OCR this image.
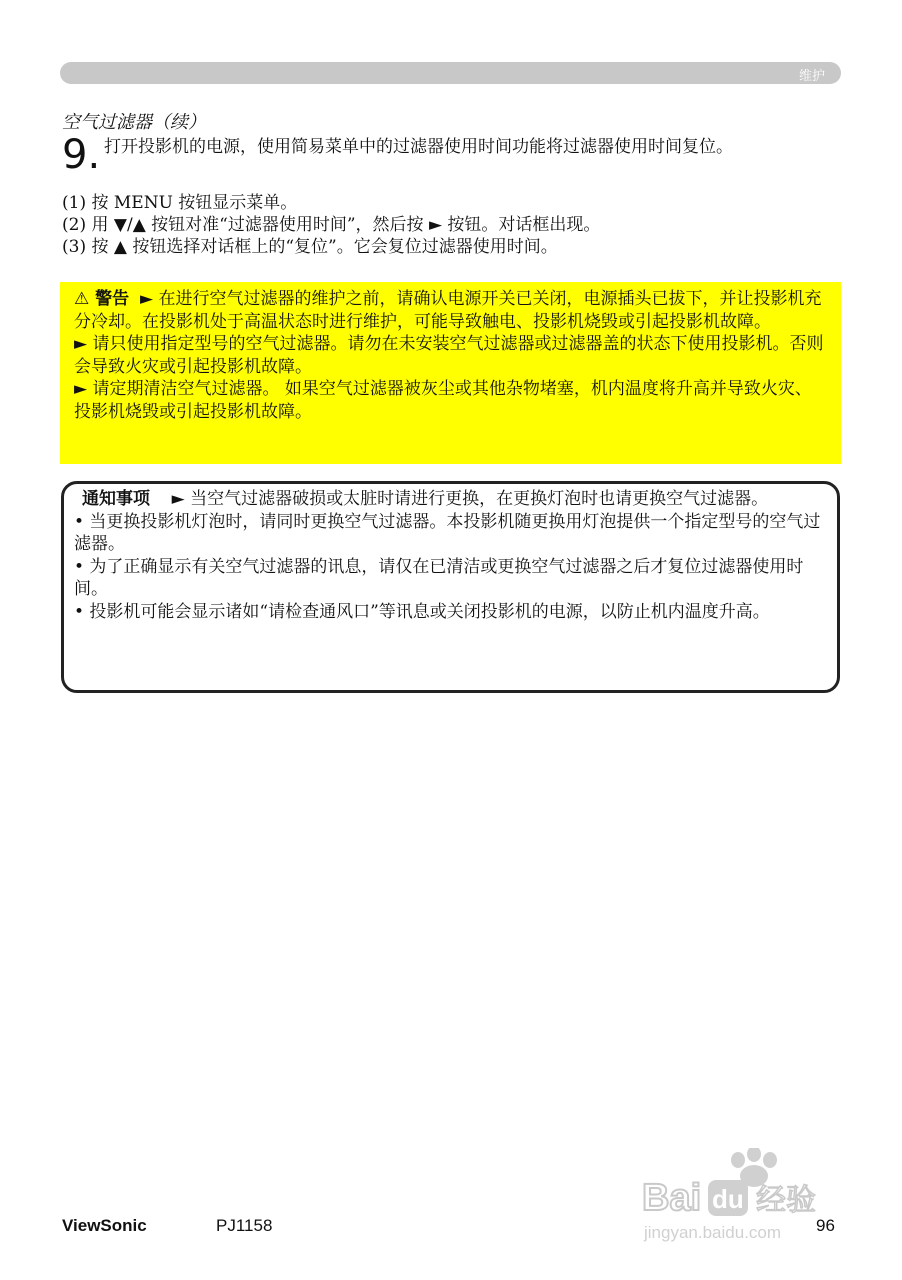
维护
空气过滤器（续）
9. 打开投影机的电源，使用简易菜单中的过滤器使用时间功能将过滤器使用时间复位。
(1) 按 MENU 按钮显示菜单。
(2) 用 ▼/▲ 按钮对准“过滤器使用时间”，然后按 ► 按钮。对话框出现。
(3) 按 ▲ 按钮选择对话框上的“复位”。它会复位过滤器使用时间。
⚠ 警告 ► 在进行空气过滤器的维护之前，请确认电源开关已关闭，电源插头已拔下，并让投影机充分冷却。在投影机处于高温状态时进行维护，可能导致触电、投影机烧毁或引起投影机故障。
► 请只使用指定型号的空气过滤器。请勿在未安装空气过滤器或过滤器盖的状态下使用投影机。否则会导致火灾或引起投影机故障。
► 请定期清洁空气过滤器。 如果空气过滤器被灰尘或其他杂物堵塞，机内温度将升高并导致火灾、投影机烧毁或引起投影机故障。
通知事项 ► 当空气过滤器破损或太脏时请进行更换，在更换灯泡时也请更换空气过滤器。
• 当更换投影机灯泡时，请同时更换空气过滤器。本投影机随更换用灯泡提供一个指定型号的空气过滤器。
• 为了正确显示有关空气过滤器的讯息，请仅在已清洁或更换空气过滤器之后才复位过滤器使用时间。
• 投影机可能会显示诸如“请检查通风口”等讯息或关闭投影机的电源，以防止机内温度升高。
Bai du 经验
jingyan.baidu.com
ViewSonic	PJ1158	96
